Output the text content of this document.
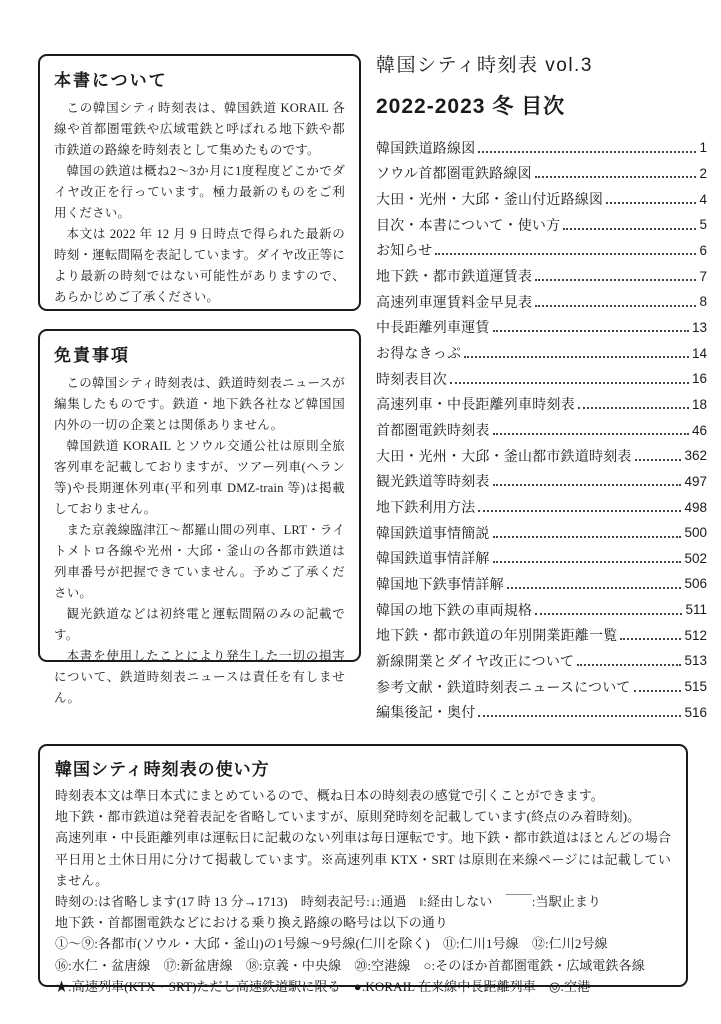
本書について

この韓国シティ時刻表は、韓国鉄道 KORAIL 各線や首都圏電鉄や広域電鉄と呼ばれる地下鉄や都市鉄道の路線を時刻表として集めたものです。

韓国の鉄道は概ね2〜3か月に1度程度どこかでダイヤ改正を行っています。極力最新のものをご利用ください。

本文は 2022 年 12 月 9 日時点で得られた最新の時刻・運転間隔を表記しています。ダイヤ改正等により最新の時刻ではない可能性がありますので、あらかじめご了承ください。

免責事項

この韓国シティ時刻表は、鉄道時刻表ニュースが編集したものです。鉄道・地下鉄各社など韓国国内外の一切の企業とは関係ありません。

韓国鉄道 KORAIL とソウル交通公社は原則全旅客列車を記載しておりますが、ツアー列車(ヘラン等)や長期運休列車(平和列車 DMZ-train 等)は掲載しておりません。

また京義線臨津江〜都羅山間の列車、LRT・ライトメトロ各線や光州・大邱・釜山の各都市鉄道は列車番号が把握できていません。予めご了承ください。

観光鉄道などは初終電と運転間隔のみの記載です。

本書を使用したことにより発生した一切の損害について、鉄道時刻表ニュースは責任を有しません。

韓国シティ時刻表 vol.3
2022-2023 冬 目次
韓国鉄道路線図	1
ソウル首都圏電鉄路線図	2
大田・光州・大邱・釜山付近路線図	4
目次・本書について・使い方	5
お知らせ	6
地下鉄・都市鉄道運賃表	7
高速列車運賃料金早見表	8
中長距離列車運賃	13
お得なきっぷ	14
時刻表目次	16
高速列車・中長距離列車時刻表	18
首都圏電鉄時刻表	46
大田・光州・大邱・釜山都市鉄道時刻表	362
観光鉄道等時刻表	497
地下鉄利用方法	498
韓国鉄道事情簡説	500
韓国鉄道事情詳解	502
韓国地下鉄事情詳解	506
韓国の地下鉄の車両規格	511
地下鉄・都市鉄道の年別開業距離一覧	512
新線開業とダイヤ改正について	513
参考文献・鉄道時刻表ニュースについて	515
編集後記・奥付	516
韓国シティ時刻表の使い方

時刻表本文は準日本式にまとめているので、概ね日本の時刻表の感覚で引くことができます。

地下鉄・都市鉄道は発着表記を省略していますが、原則発時刻を記載しています(終点のみ着時刻)。

高速列車・中長距離列車は運転日に記載のない列車は毎日運転です。地下鉄・都市鉄道はほとんどの場合平日用と土休日用に分けて掲載しています。※高速列車 KTX・SRT は原則在来線ページには記載していません。

時刻の:は省略します(17 時 13 分→1713)　時刻表記号:↓:通過　‖:経由しない　￣￣:当駅止まり

地下鉄・首都圏電鉄などにおける乗り換え路線の略号は以下の通り

①〜⑨:各都市(ソウル・大邱・釜山)の1号線〜9号線(仁川を除く)　⑪:仁川1号線　⑫:仁川2号線

⑯:水仁・盆唐線　⑰:新盆唐線　⑱:京義・中央線　⑳:空港線　○:そのほか首都圏電鉄・広域電鉄各線

★:高速列車(KTX・SRT)ただし高速鉄道駅に限る　●:KORAIL 在来線中長距離列車　◎:空港
